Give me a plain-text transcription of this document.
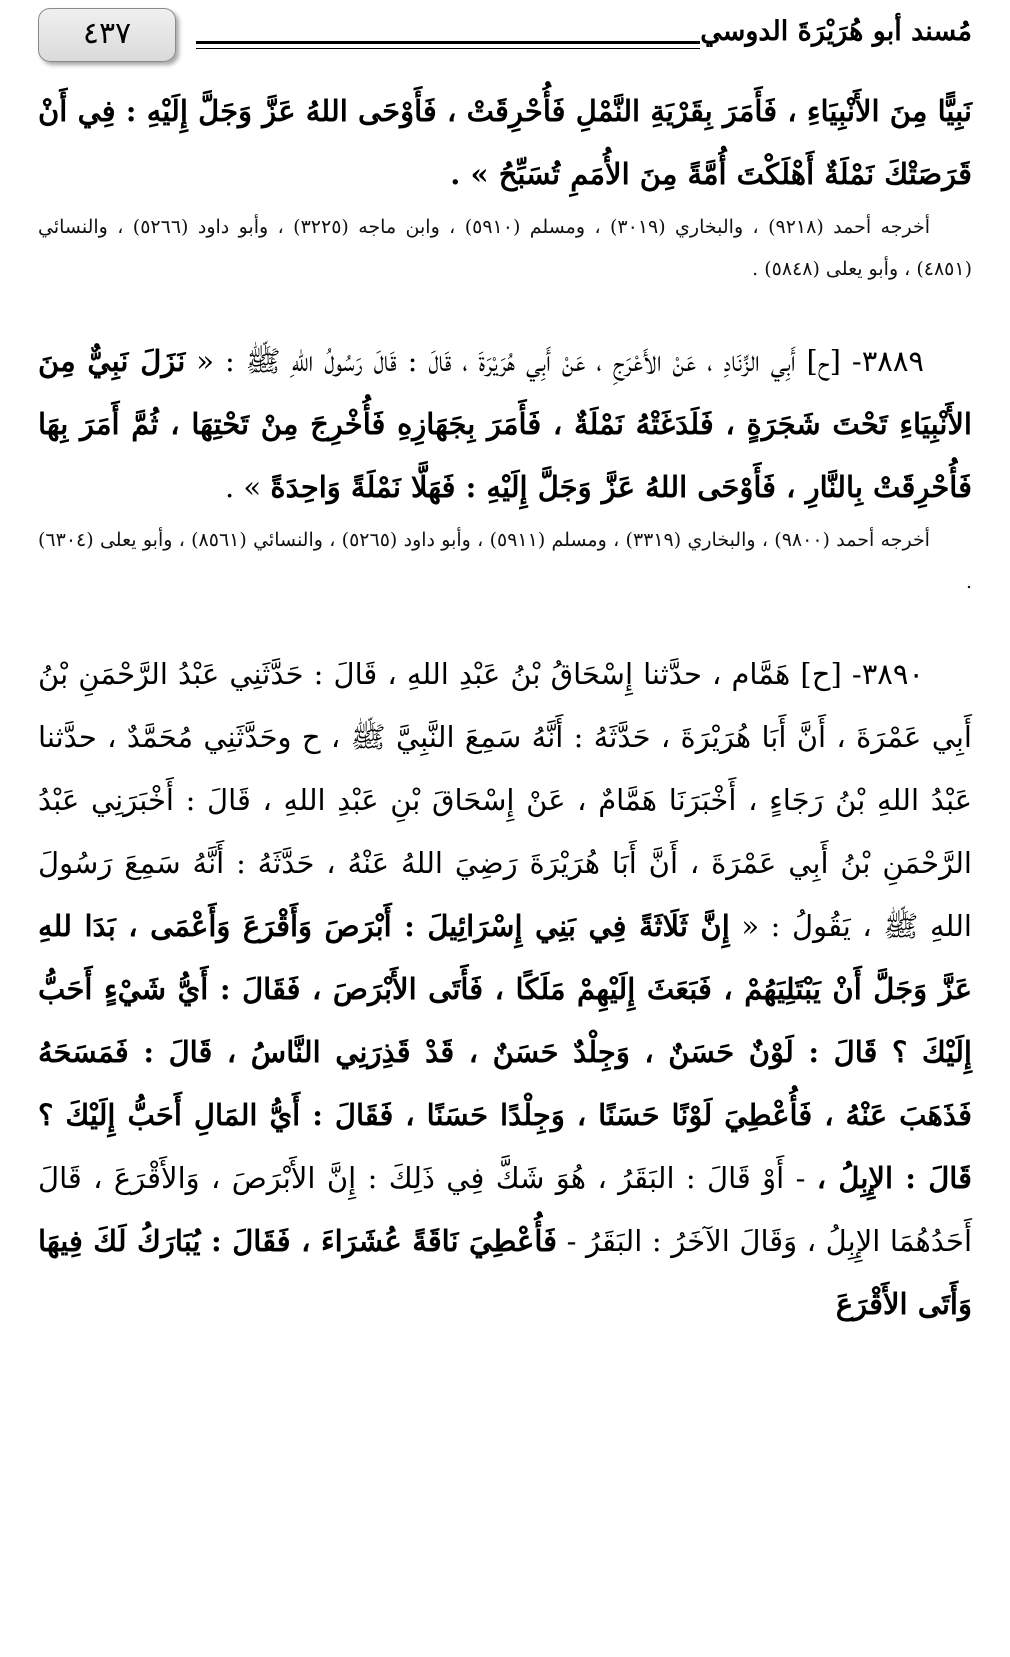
٤٣٧	مُسند أبو هُرَيْرَةَ الدوسي

نَبِيًّا مِنَ الأَنْبِيَاءِ ، فَأَمَرَ بِقَرْيَةِ النَّمْلِ فَأُحْرِقَتْ ، فَأَوْحَى اللهُ عَزَّ وَجَلَّ إِلَيْهِ : فِي أَنْ قَرَصَتْكَ نَمْلَةٌ أَهْلَكْتَ أُمَّةً مِنَ الأُمَمِ تُسَبِّحُ » .

أخرجه أحمد (٩٢١٨) ، والبخاري (٣٠١٩) ، ومسلم (٥٩١٠) ، وابن ماجه (٣٢٢٥) ، وأبو داود (٥٢٦٦) ، والنسائي (٤٨٥١) ، وأبو يعلى (٥٨٤٨) .

٣٨٨٩- [ح] أَبِي الزِّنَادِ ، عَنْ الأَعْرَجِ ، عَنْ أَبِي هُرَيْرَةَ ، قَالَ : قَالَ رَسُولُ اللهِ ﷺ : « نَزَلَ نَبِيٌّ مِنَ الأَنْبِيَاءِ تَحْتَ شَجَرَةٍ ، فَلَدَغَتْهُ نَمْلَةٌ ، فَأَمَرَ بِجَهَازِهِ فَأُخْرِجَ مِنْ تَحْتِهَا ، ثُمَّ أَمَرَ بِهَا فَأُحْرِقَتْ بِالنَّارِ ، فَأَوْحَى اللهُ عَزَّ وَجَلَّ إِلَيْهِ : فَهَلَّا نَمْلَةً وَاحِدَةً » .

أخرجه أحمد (٩٨٠٠) ، والبخاري (٣٣١٩) ، ومسلم (٥٩١١) ، وأبو داود (٥٢٦٥) ، والنسائي (٨٥٦١) ، وأبو يعلى (٦٣٠٤) .

٣٨٩٠- [ح] هَمَّام ، حدَّثنا إِسْحَاقُ بْنُ عَبْدِ اللهِ ، قَالَ : حَدَّثَنِي عَبْدُ الرَّحْمَنِ بْنُ أَبِي عَمْرَةَ ، أَنَّ أَبَا هُرَيْرَةَ ، حَدَّثَهُ : أَنَّهُ سَمِعَ النَّبِيَّ ﷺ ، ح وحَدَّثَنِي مُحَمَّدٌ ، حدَّثنا عَبْدُ اللهِ بْنُ رَجَاءٍ ، أَخْبَرَنَا هَمَّامٌ ، عَنْ إِسْحَاقَ بْنِ عَبْدِ اللهِ ، قَالَ : أَخْبَرَنِي عَبْدُ الرَّحْمَنِ بْنُ أَبِي عَمْرَةَ ، أَنَّ أَبَا هُرَيْرَةَ رَضِيَ اللهُ عَنْهُ ، حَدَّثَهُ : أَنَّهُ سَمِعَ رَسُولَ اللهِ ﷺ ، يَقُولُ : « إِنَّ ثَلَاثَةً فِي بَنِي إِسْرَائِيلَ : أَبْرَصَ وَأَقْرَعَ وَأَعْمَى ، بَدَا للهِ عَزَّ وَجَلَّ أَنْ يَبْتَلِيَهُمْ ، فَبَعَثَ إِلَيْهِمْ مَلَكًا ، فَأَتَى الأَبْرَصَ ، فَقَالَ : أَيُّ شَيْءٍ أَحَبُّ إِلَيْكَ ؟ قَالَ : لَوْنٌ حَسَنٌ ، وَجِلْدٌ حَسَنٌ ، قَدْ قَذِرَنِي النَّاسُ ، قَالَ : فَمَسَحَهُ فَذَهَبَ عَنْهُ ، فَأُعْطِيَ لَوْنًا حَسَنًا ، وَجِلْدًا حَسَنًا ، فَقَالَ : أَيُّ المَالِ أَحَبُّ إِلَيْكَ ؟ قَالَ : الإِبِلُ ، - أَوْ قَالَ : البَقَرُ ، هُوَ شَكَّ فِي ذَلِكَ : إِنَّ الأَبْرَصَ ، وَالأَقْرَعَ ، قَالَ أَحَدُهُمَا الإِبِلُ ، وَقَالَ الآخَرُ : البَقَرُ - فَأُعْطِيَ نَاقَةً عُشَرَاءَ ، فَقَالَ : يُبَارَكُ لَكَ فِيهَا وَأَتَى الأَقْرَعَ
